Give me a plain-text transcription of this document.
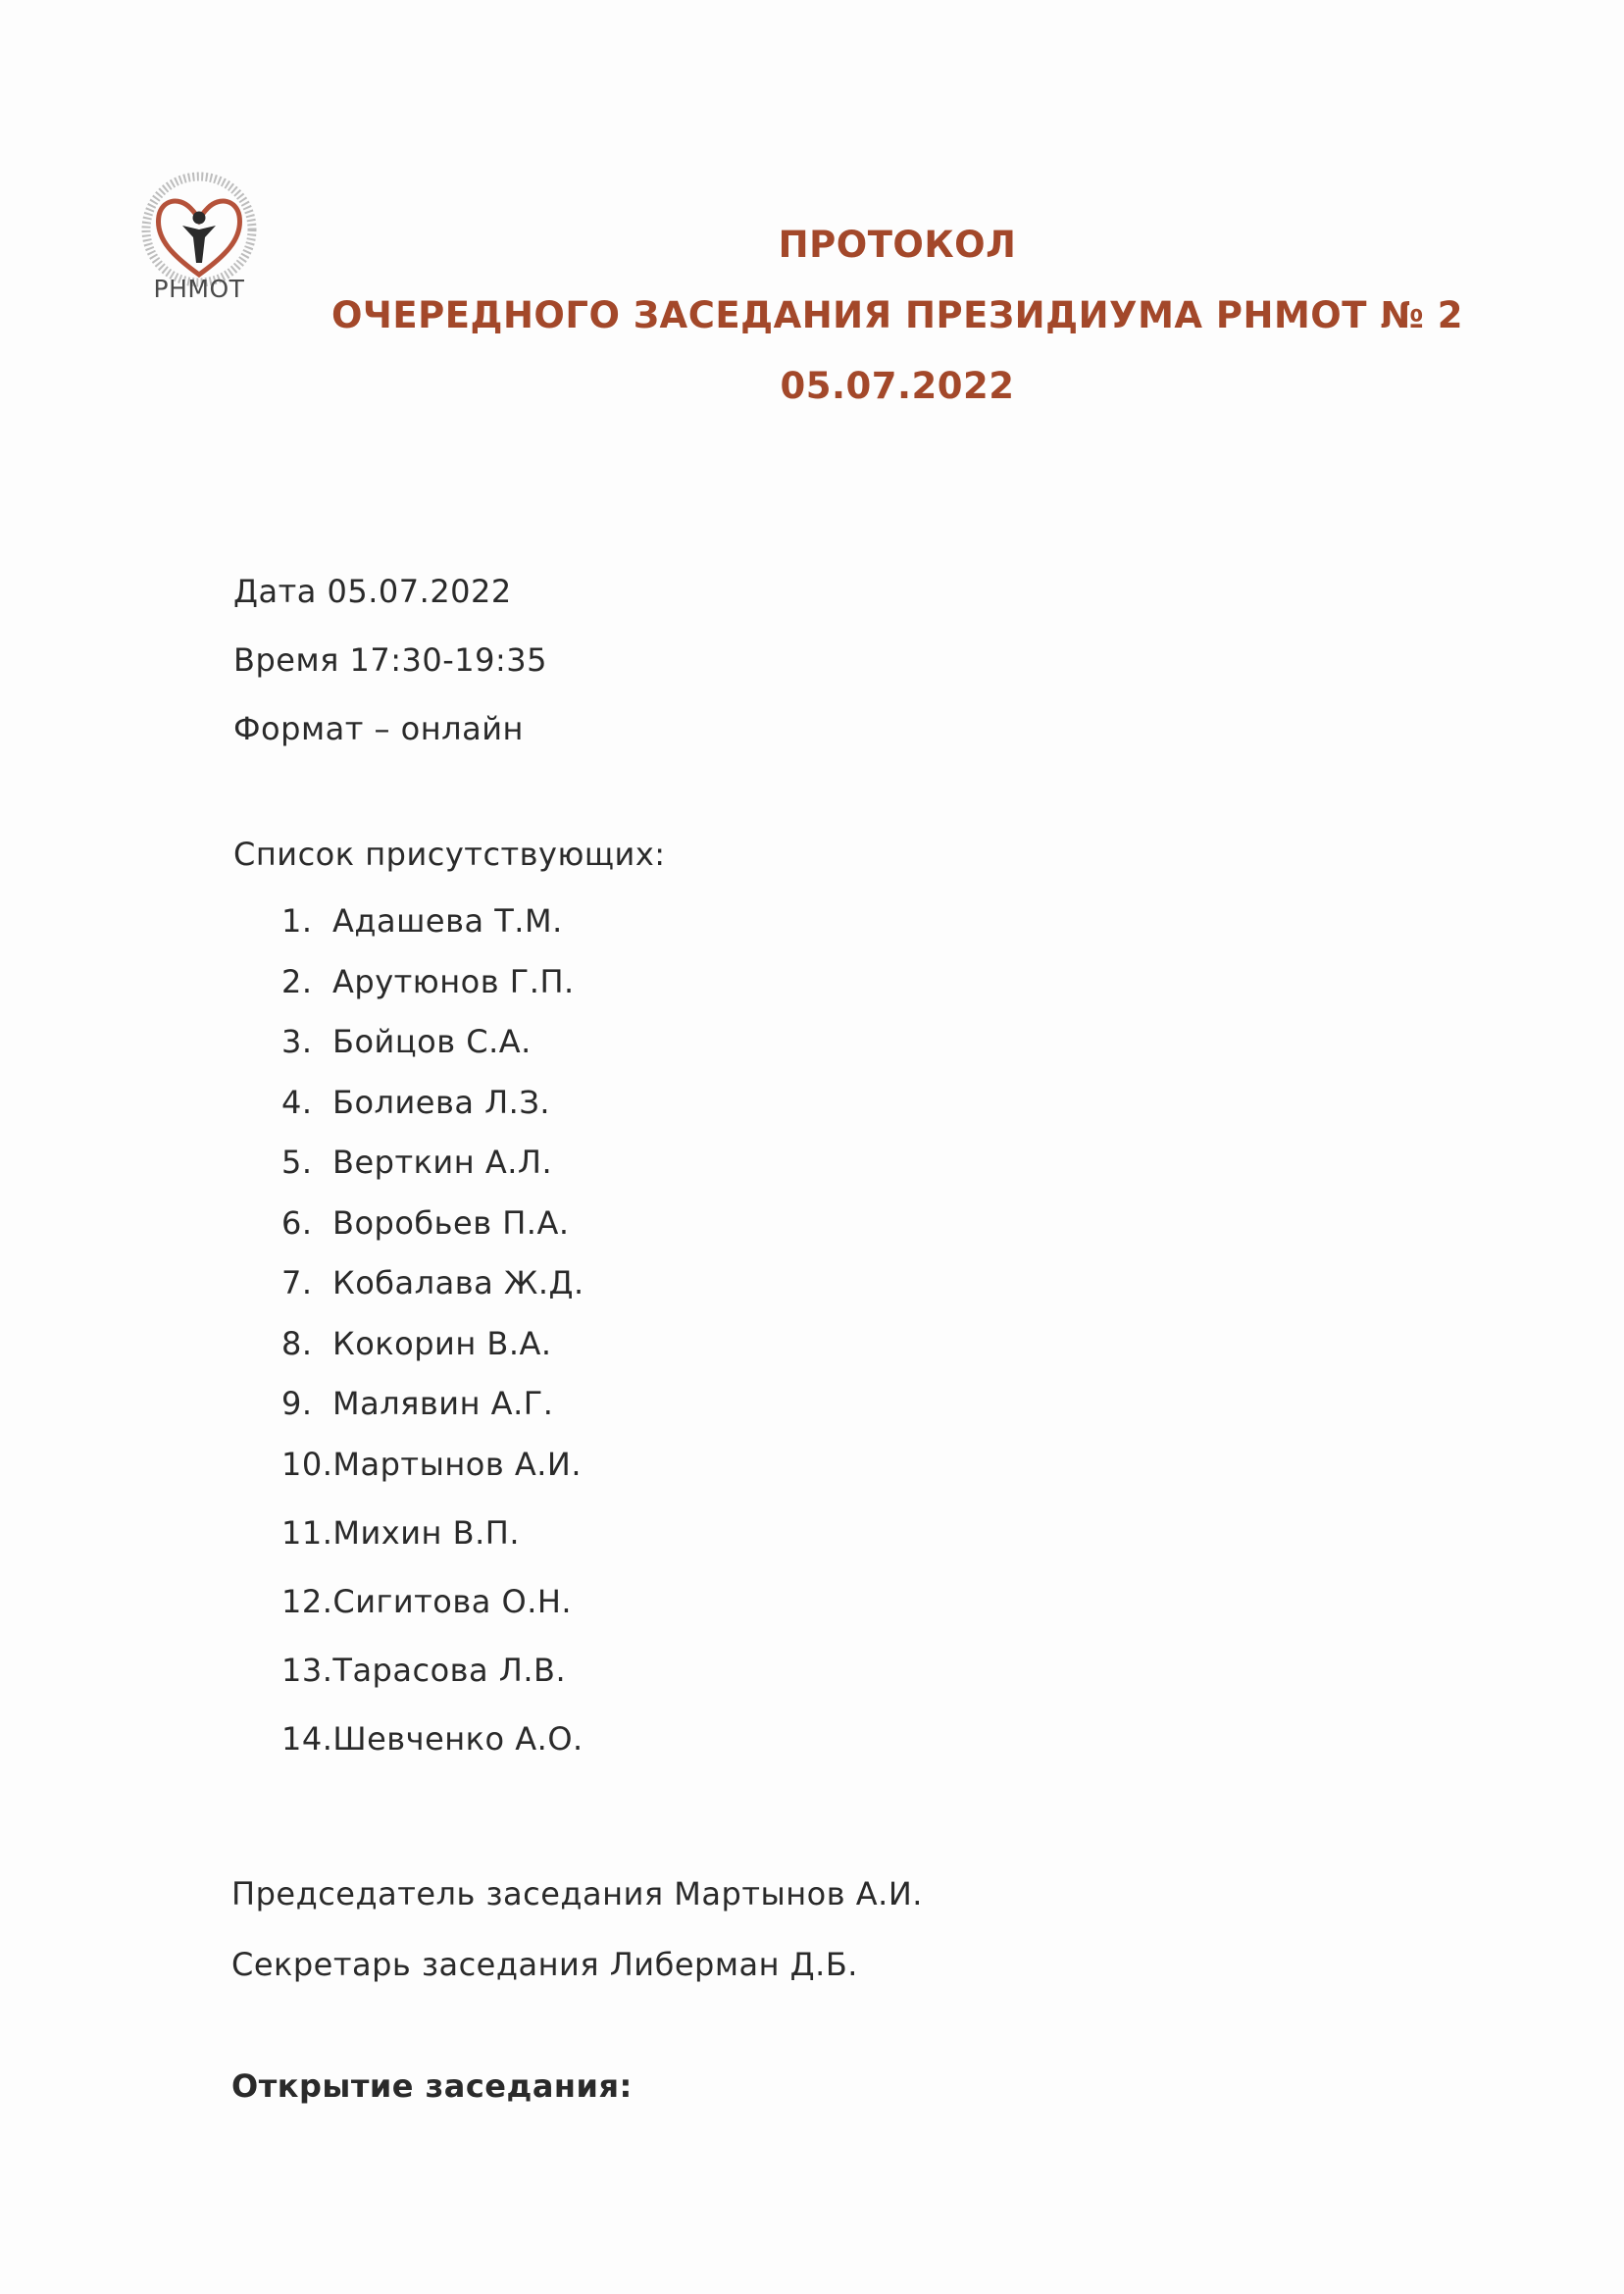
РНМОТ
ПРОТОКОЛ
ОЧЕРЕДНОГО ЗАСЕДАНИЯ ПРЕЗИДИУМА РНМОТ № 2
05.07.2022
Дата 05.07.2022
Время 17:30-19:35
Формат – онлайн
Список присутствующих:
1. Адашева Т.М.
2. Арутюнов Г.П.
3. Бойцов С.А.
4. Болиева Л.З.
5. Верткин А.Л.
6. Воробьев П.А.
7. Кобалава Ж.Д.
8. Кокорин В.А.
9. Малявин А.Г.
10.Мартынов А.И.
11.Михин В.П.
12.Сигитова О.Н.
13.Тарасова Л.В.
14.Шевченко А.О.
Председатель заседания Мартынов А.И.
Секретарь заседания Либерман Д.Б.
Открытие заседания:
